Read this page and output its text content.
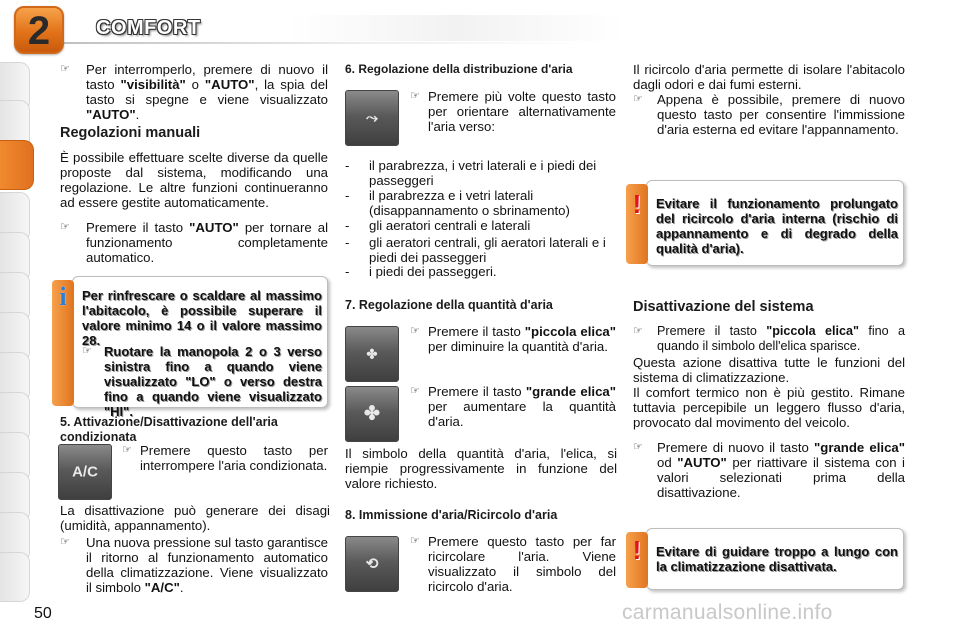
2	COMFORT
☞ Per interromperlo, premere di nuovo il tasto "visibilità" o "AUTO", la spia del tasto si spegne e viene visualizzato "AUTO".
Regolazioni manuali
È possibile effettuare scelte diverse da quelle proposte dal sistema, modificando una regolazione. Le altre funzioni continueranno ad essere gestite automaticamente.
☞ Premere il tasto "AUTO" per tornare al funzionamento completamente automatico.
i	Per rinfrescare o scaldare al massimo l'abitacolo, è possibile superare il valore minimo 14 o il valore massimo 28.
☞ Ruotare la manopola 2 o 3 verso sinistra fino a quando viene visualizzato "LO" o verso destra fino a quando viene visualizzato "HI".
5. Attivazione/Disattivazione dell'aria condizionata
A/C
☞ Premere questo tasto per interrompere l'aria condizionata.
La disattivazione può generare dei disagi (umidità, appannamento).
☞ Una nuova pressione sul tasto garantisce il ritorno al funzionamento automatico della climatizzazione. Viene visualizzato il simbolo "A/C".
6. Regolazione della distribuzione d'aria
⤳
☞ Premere più volte questo tasto per orientare alternativamente l'aria verso:
- il parabrezza, i vetri laterali e i piedi dei passeggeri
- il parabrezza e i vetri laterali (disappannamento o sbrinamento)
- gli aeratori centrali e laterali
- gli aeratori centrali, gli aeratori laterali e i piedi dei passeggeri
- i piedi dei passeggeri.
7. Regolazione della quantità d'aria
✤
☞ Premere il tasto "piccola elica" per diminuire la quantità d'aria.
✤
☞ Premere il tasto "grande elica" per aumentare la quantità d'aria.
Il simbolo della quantità d'aria, l'elica, si riempie progressivamente in funzione del valore richiesto.
8. Immissione d'aria/Ricircolo d'aria
⟲
☞ Premere questo tasto per far ricircolare l'aria. Viene visualizzato il simbolo del ricircolo d'aria.
Il ricircolo d'aria permette di isolare l'abitacolo dagli odori e dai fumi esterni.
☞ Appena è possibile, premere di nuovo questo tasto per consentire l'immissione d'aria esterna ed evitare l'appannamento.
!	Evitare il funzionamento prolungato del ricircolo d'aria interna (rischio di appannamento e di degrado della qualità d'aria).
Disattivazione del sistema
☞ Premere il tasto "piccola elica" fino a quando il simbolo dell'elica sparisce.
Questa azione disattiva tutte le funzioni del sistema di climatizzazione.
Il comfort termico non è più gestito. Rimane tuttavia percepibile un leggero flusso d'aria, provocato dal movimento del veicolo.
☞ Premere di nuovo il tasto "grande elica" od "AUTO" per riattivare il sistema con i valori selezionati prima della disattivazione.
!	Evitare di guidare troppo a lungo con la climatizzazione disattivata.
50	carmanualsonline.info
